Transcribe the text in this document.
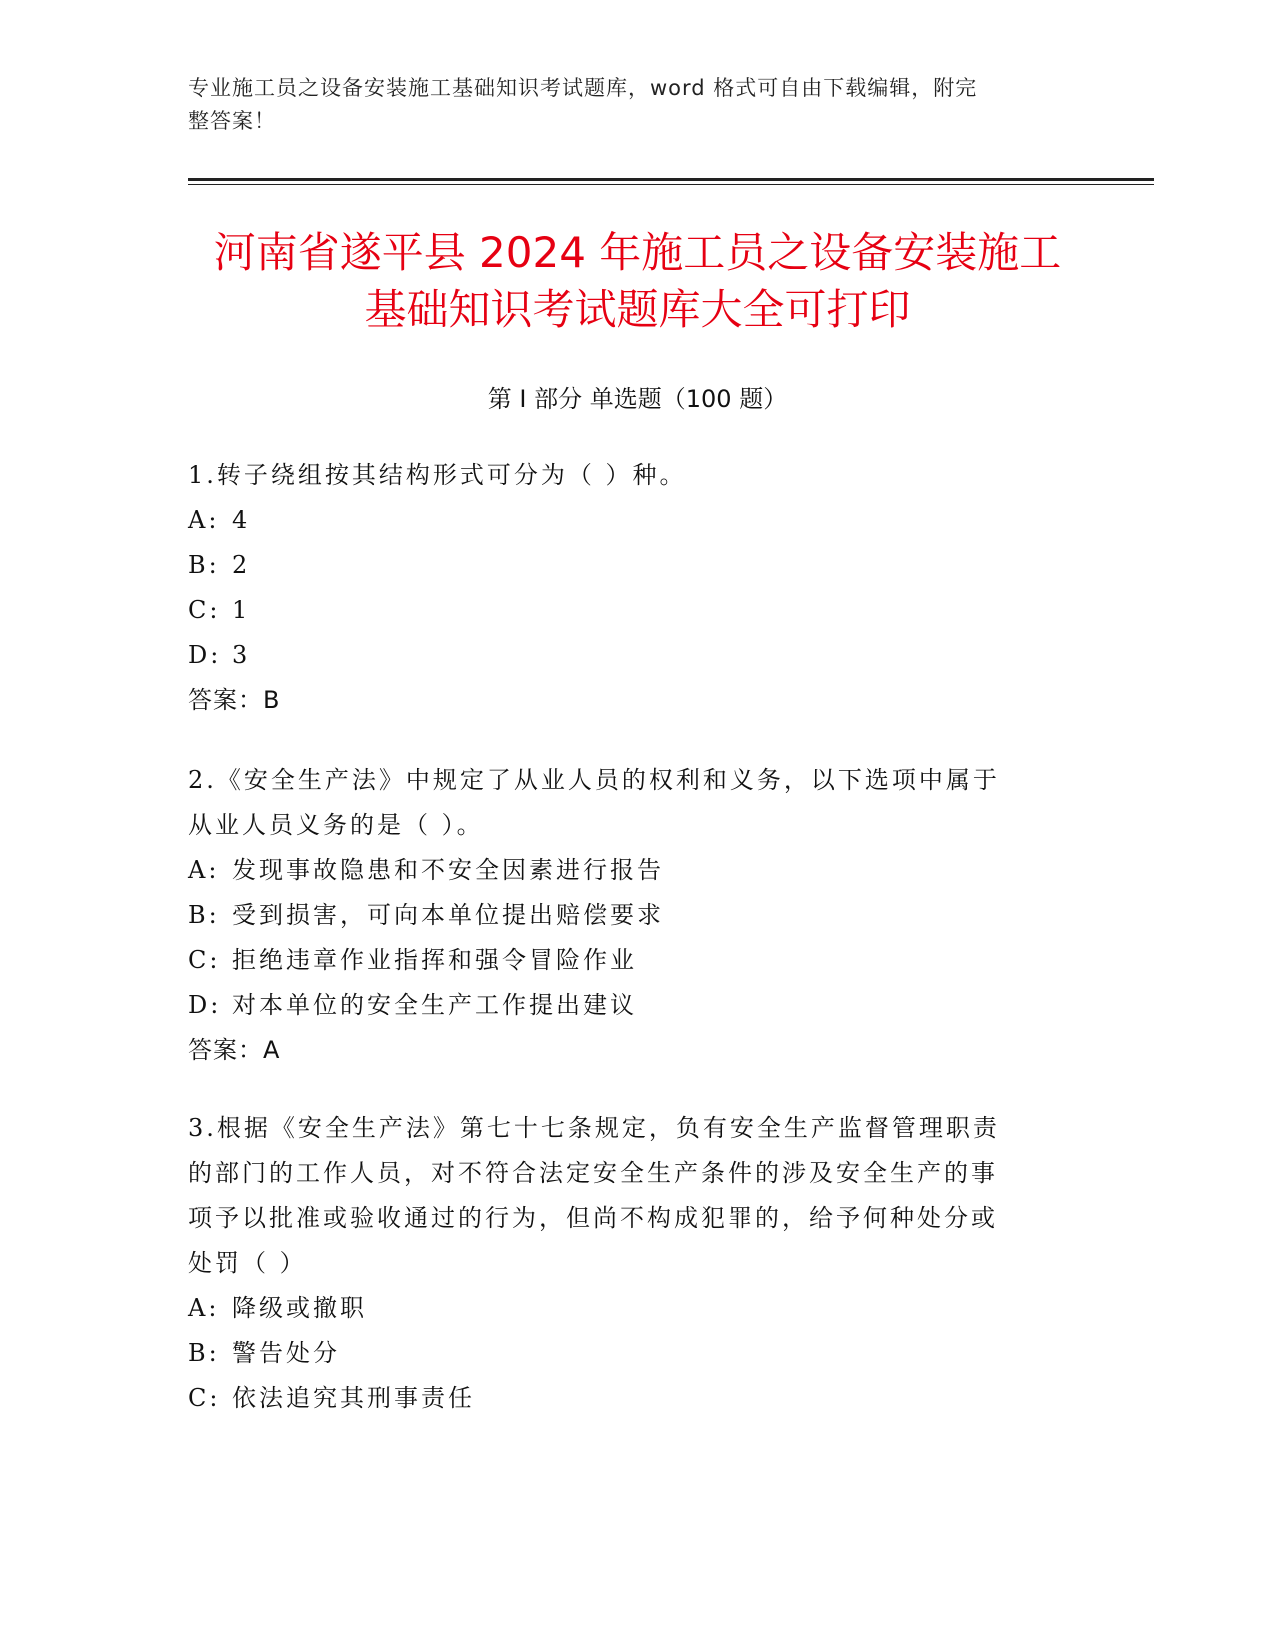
专业施工员之设备安装施工基础知识考试题库，word 格式可自由下载编辑，附完
整答案！
河南省遂平县 2024 年施工员之设备安装施工
基础知识考试题库大全可打印
第 I 部分 单选题（100 题）
1.转子绕组按其结构形式可分为（ ）种。
A: 4
B: 2
C: 1
D: 3
答案：B
2.《安全生产法》中规定了从业人员的权利和义务，以下选项中属于
从业人员义务的是（ ）。
A: 发现事故隐患和不安全因素进行报告
B: 受到损害，可向本单位提出赔偿要求
C: 拒绝违章作业指挥和强令冒险作业
D: 对本单位的安全生产工作提出建议
答案：A
3.根据《安全生产法》第七十七条规定，负有安全生产监督管理职责
的部门的工作人员，对不符合法定安全生产条件的涉及安全生产的事
项予以批准或验收通过的行为，但尚不构成犯罪的，给予何种处分或
处罚（ ）
A: 降级或撤职
B: 警告处分
C: 依法追究其刑事责任
